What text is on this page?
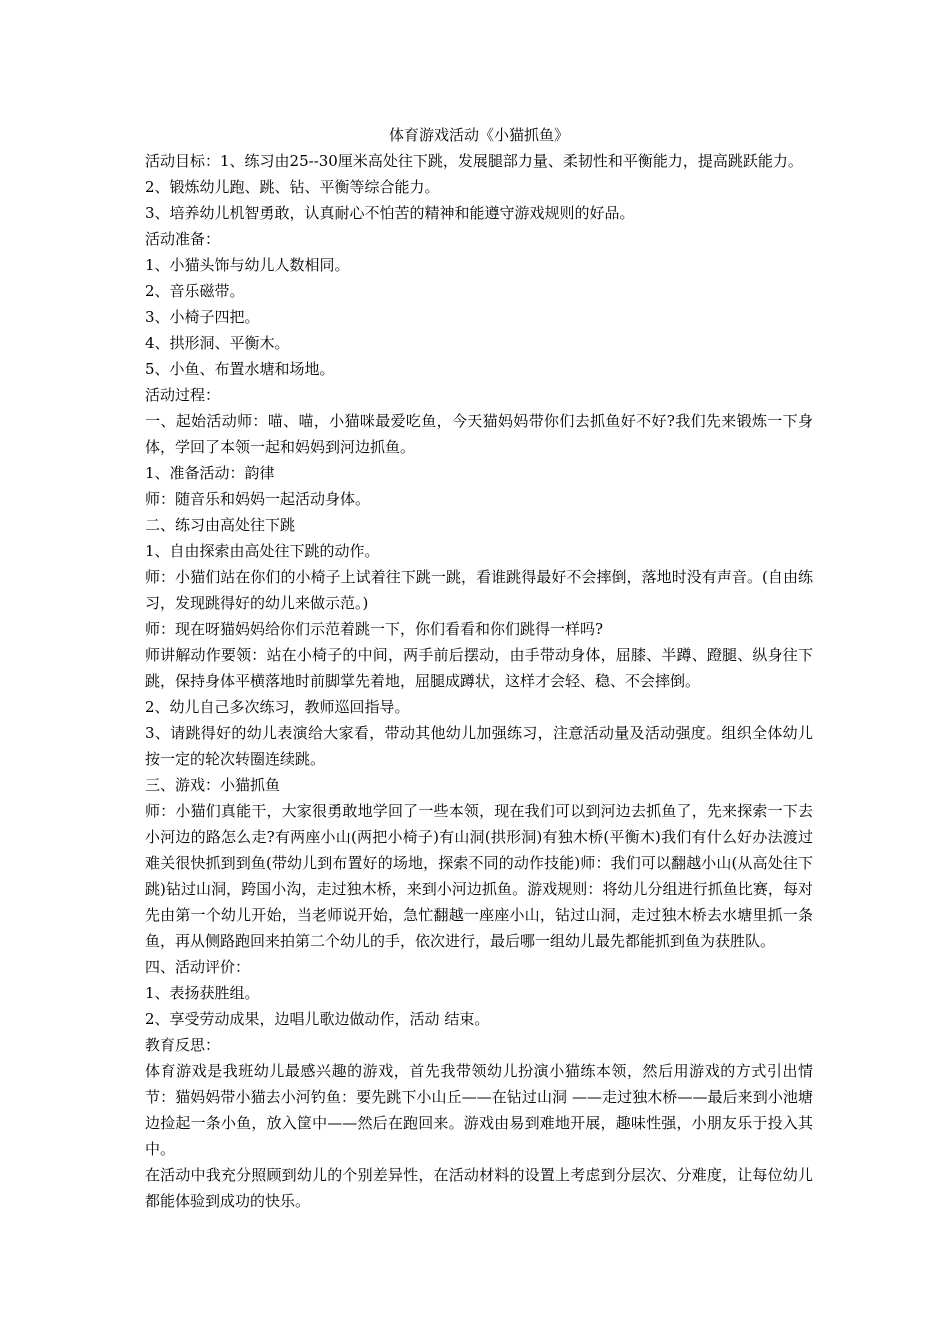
体育游戏活动《小猫抓鱼》

活动目标：1、练习由25--30厘米高处往下跳，发展腿部力量、柔韧性和平衡能力，提高跳跃能力。

2、锻炼幼儿跑、跳、钻、平衡等综合能力。

3、培养幼儿机智勇敢，认真耐心不怕苦的精神和能遵守游戏规则的好品。

活动准备：

1、小猫头饰与幼儿人数相同。

2、音乐磁带。

3、小椅子四把。

4、拱形洞、平衡木。

5、小鱼、布置水塘和场地。

活动过程：

一、起始活动师：喵、喵，小猫咪最爱吃鱼，今天猫妈妈带你们去抓鱼好不好?我们先来锻炼一下身体，学回了本领一起和妈妈到河边抓鱼。

1、准备活动：韵律

师：随音乐和妈妈一起活动身体。

二、练习由高处往下跳

1、自由探索由高处往下跳的动作。

师：小猫们站在你们的小椅子上试着往下跳一跳，看谁跳得最好不会摔倒，落地时没有声音。(自由练习，发现跳得好的幼儿来做示范。)

师：现在呀猫妈妈给你们示范着跳一下，你们看看和你们跳得一样吗?

师讲解动作要领：站在小椅子的中间，两手前后摆动，由手带动身体，屈膝、半蹲、蹬腿、纵身往下跳，保持身体平横落地时前脚掌先着地，屈腿成蹲状，这样才会轻、稳、不会摔倒。

2、幼儿自己多次练习，教师巡回指导。

3、请跳得好的幼儿表演给大家看，带动其他幼儿加强练习，注意活动量及活动强度。组织全体幼儿按一定的轮次转圈连续跳。

三、游戏：小猫抓鱼

师：小猫们真能干，大家很勇敢地学回了一些本领，现在我们可以到河边去抓鱼了，先来探索一下去小河边的路怎么走?有两座小山(两把小椅子)有山洞(拱形洞)有独木桥(平衡木)我们有什么好办法渡过难关很快抓到到鱼(带幼儿到布置好的场地，探索不同的动作技能)师：我们可以翻越小山(从高处往下跳)钻过山洞，跨国小沟，走过独木桥，来到小河边抓鱼。游戏规则：将幼儿分组进行抓鱼比赛，每对先由第一个幼儿开始，当老师说开始，急忙翻越一座座小山，钻过山洞，走过独木桥去水塘里抓一条鱼，再从侧路跑回来拍第二个幼儿的手，依次进行，最后哪一组幼儿最先都能抓到鱼为获胜队。

四、活动评价：

1、表扬获胜组。

2、享受劳动成果，边唱儿歌边做动作，活动 结束。

教育反思：

体育游戏是我班幼儿最感兴趣的游戏，首先我带领幼儿扮演小猫练本领，然后用游戏的方式引出情节：猫妈妈带小猫去小河钓鱼：要先跳下小山丘——在钻过山洞 ——走过独木桥——最后来到小池塘边捡起一条小鱼，放入筐中——然后在跑回来。游戏由易到难地开展，趣味性强，小朋友乐于投入其中。

在活动中我充分照顾到幼儿的个别差异性，在活动材料的设置上考虑到分层次、分难度，让每位幼儿都能体验到成功的快乐。
